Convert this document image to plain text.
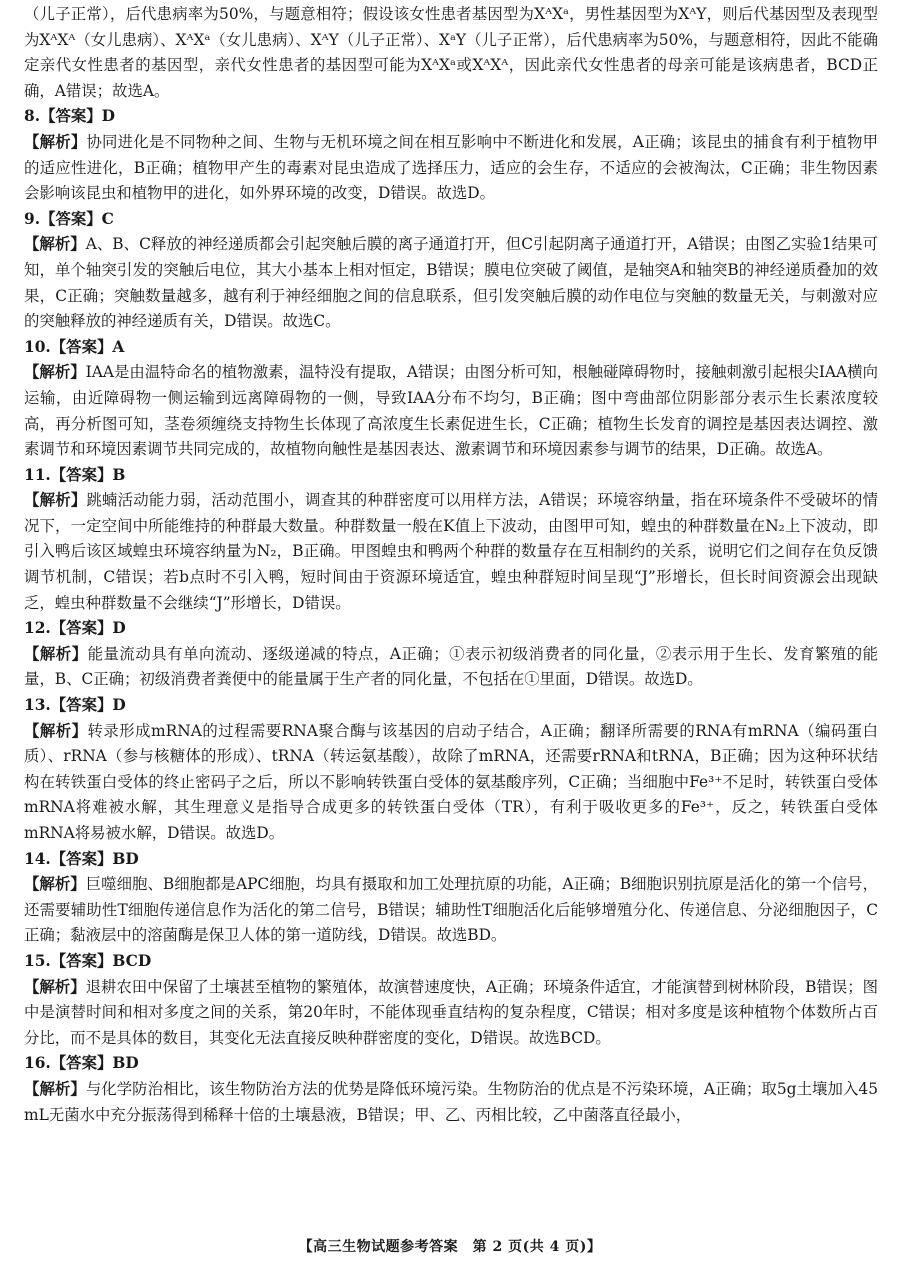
（儿子正常），后代患病率为50%，与题意相符；假设该女性患者基因型为XᴬXᵃ，男性基因型为XᴬY，则后代基因型及表现型为XᴬXᴬ（女儿患病）、XᴬXᵃ（女儿患病）、XᴬY（儿子正常）、XᵃY（儿子正常），后代患病率为50%，与题意相符，因此不能确定亲代女性患者的基因型，亲代女性患者的基因型可能为XᴬXᵃ或XᴬXᴬ，因此亲代女性患者的母亲可能是该病患者，BCD正确，A错误；故选A。

8.【答案】D

【解析】协同进化是不同物种之间、生物与无机环境之间在相互影响中不断进化和发展，A正确；该昆虫的捕食有利于植物甲的适应性进化，B正确；植物甲产生的毒素对昆虫造成了选择压力，适应的会生存，不适应的会被淘汰，C正确；非生物因素会影响该昆虫和植物甲的进化，如外界环境的改变，D错误。故选D。

9.【答案】C

【解析】A、B、C释放的神经递质都会引起突触后膜的离子通道打开，但C引起阴离子通道打开，A错误；由图乙实验1结果可知，单个轴突引发的突触后电位，其大小基本上相对恒定，B错误；膜电位突破了阈值，是轴突A和轴突B的神经递质叠加的效果，C正确；突触数量越多，越有利于神经细胞之间的信息联系，但引发突触后膜的动作电位与突触的数量无关，与刺激对应的突触释放的神经递质有关，D错误。故选C。

10.【答案】A

【解析】IAA是由温特命名的植物激素，温特没有提取，A错误；由图分析可知，根触碰障碍物时，接触刺激引起根尖IAA横向运输，由近障碍物一侧运输到远离障碍物的一侧，导致IAA分布不均匀，B正确；图中弯曲部位阴影部分表示生长素浓度较高，再分析图可知，茎卷须缠绕支持物生长体现了高浓度生长素促进生长，C正确；植物生长发育的调控是基因表达调控、激素调节和环境因素调节共同完成的，故植物向触性是基因表达、激素调节和环境因素参与调节的结果，D正确。故选A。

11.【答案】B

【解析】跳蝻活动能力弱，活动范围小，调查其的种群密度可以用样方法，A错误；环境容纳量，指在环境条件不受破坏的情况下，一定空间中所能维持的种群最大数量。种群数量一般在K值上下波动，由图甲可知，蝗虫的种群数量在N₂上下波动，即引入鸭后该区域蝗虫环境容纳量为N₂，B正确。甲图蝗虫和鸭两个种群的数量存在互相制约的关系，说明它们之间存在负反馈调节机制，C错误；若b点时不引入鸭，短时间由于资源环境适宜，蝗虫种群短时间呈现“J”形增长，但长时间资源会出现缺乏，蝗虫种群数量不会继续“J”形增长，D错误。

12.【答案】D

【解析】能量流动具有单向流动、逐级递减的特点，A正确；①表示初级消费者的同化量，②表示用于生长、发育繁殖的能量，B、C正确；初级消费者粪便中的能量属于生产者的同化量，不包括在①里面，D错误。故选D。

13.【答案】D

【解析】转录形成mRNA的过程需要RNA聚合酶与该基因的启动子结合，A正确；翻译所需要的RNA有mRNA（编码蛋白质）、rRNA（参与核糖体的形成）、tRNA（转运氨基酸），故除了mRNA，还需要rRNA和tRNA，B正确；因为这种环状结构在转铁蛋白受体的终止密码子之后，所以不影响转铁蛋白受体的氨基酸序列，C正确；当细胞中Fe³⁺不足时，转铁蛋白受体mRNA将难被水解，其生理意义是指导合成更多的转铁蛋白受体（TR），有利于吸收更多的Fe³⁺，反之，转铁蛋白受体mRNA将易被水解，D错误。故选D。

14.【答案】BD

【解析】巨噬细胞、B细胞都是APC细胞，均具有摄取和加工处理抗原的功能，A正确；B细胞识别抗原是活化的第一个信号，还需要辅助性T细胞传递信息作为活化的第二信号，B错误；辅助性T细胞活化后能够增殖分化、传递信息、分泌细胞因子，C正确；黏液层中的溶菌酶是保卫人体的第一道防线，D错误。故选BD。

15.【答案】BCD

【解析】退耕农田中保留了土壤甚至植物的繁殖体，故演替速度快，A正确；环境条件适宜，才能演替到树林阶段，B错误；图中是演替时间和相对多度之间的关系，第20年时，不能体现垂直结构的复杂程度，C错误；相对多度是该种植物个体数所占百分比，而不是具体的数目，其变化无法直接反映种群密度的变化，D错误。故选BCD。

16.【答案】BD

【解析】与化学防治相比，该生物防治方法的优势是降低环境污染。生物防治的优点是不污染环境，A正确；取5g土壤加入45 mL无菌水中充分振荡得到稀释十倍的土壤悬液，B错误；甲、乙、丙相比较，乙中菌落直径最小，

【高三生物试题参考答案　第 2 页(共 4 页)】
